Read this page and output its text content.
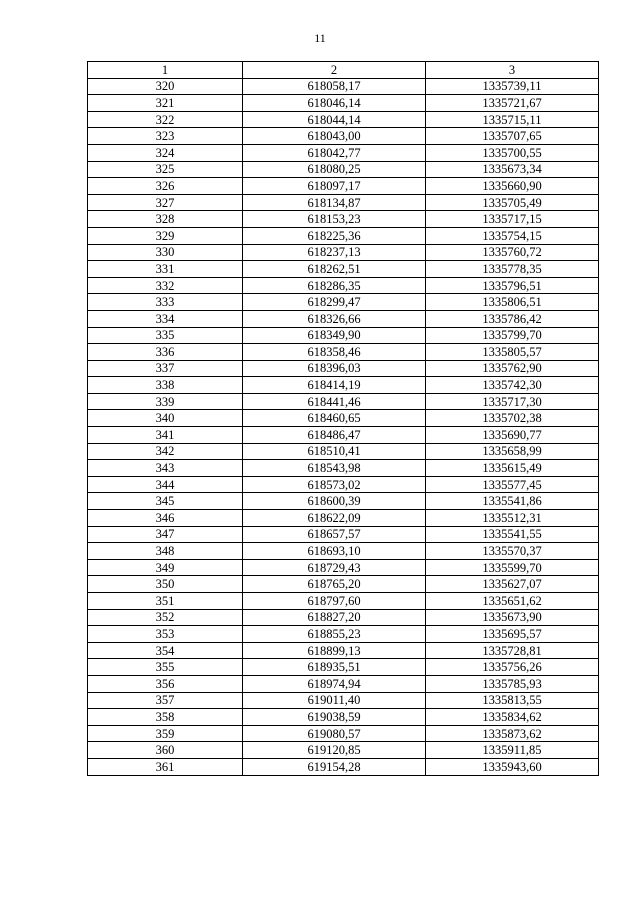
11
1	2	3
320	618058,17	1335739,11
321	618046,14	1335721,67
322	618044,14	1335715,11
323	618043,00	1335707,65
324	618042,77	1335700,55
325	618080,25	1335673,34
326	618097,17	1335660,90
327	618134,87	1335705,49
328	618153,23	1335717,15
329	618225,36	1335754,15
330	618237,13	1335760,72
331	618262,51	1335778,35
332	618286,35	1335796,51
333	618299,47	1335806,51
334	618326,66	1335786,42
335	618349,90	1335799,70
336	618358,46	1335805,57
337	618396,03	1335762,90
338	618414,19	1335742,30
339	618441,46	1335717,30
340	618460,65	1335702,38
341	618486,47	1335690,77
342	618510,41	1335658,99
343	618543,98	1335615,49
344	618573,02	1335577,45
345	618600,39	1335541,86
346	618622,09	1335512,31
347	618657,57	1335541,55
348	618693,10	1335570,37
349	618729,43	1335599,70
350	618765,20	1335627,07
351	618797,60	1335651,62
352	618827,20	1335673,90
353	618855,23	1335695,57
354	618899,13	1335728,81
355	618935,51	1335756,26
356	618974,94	1335785,93
357	619011,40	1335813,55
358	619038,59	1335834,62
359	619080,57	1335873,62
360	619120,85	1335911,85
361	619154,28	1335943,60
